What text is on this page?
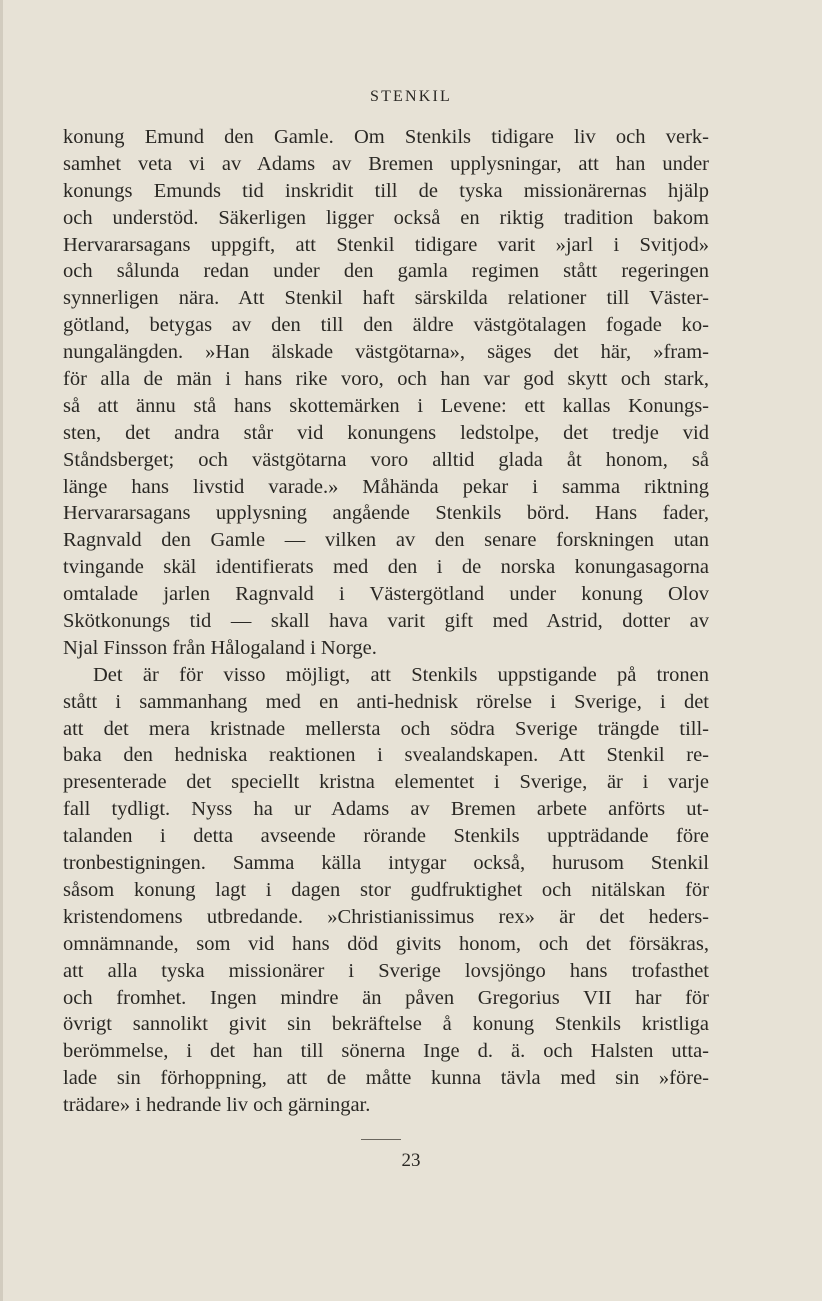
STENKIL
konung Emund den Gamle. Om Stenkils tidigare liv och verk-
samhet veta vi av Adams av Bremen upplysningar, att han under
konungs Emunds tid inskridit till de tyska missionärernas hjälp
och understöd. Säkerligen ligger också en riktig tradition bakom
Hervararsagans uppgift, att Stenkil tidigare varit »jarl i Svitjod»
och sålunda redan under den gamla regimen stått regeringen
synnerligen nära. Att Stenkil haft särskilda relationer till Väster-
götland, betygas av den till den äldre västgötalagen fogade ko-
nungalängden. »Han älskade västgötarna», säges det här, »fram-
för alla de män i hans rike voro, och han var god skytt och stark,
så att ännu stå hans skottemärken i Levene: ett kallas Konungs-
sten, det andra står vid konungens ledstolpe, det tredje vid
Ståndsberget; och västgötarna voro alltid glada åt honom, så
länge hans livstid varade.» Måhända pekar i samma riktning
Hervararsagans upplysning angående Stenkils börd. Hans fader,
Ragnvald den Gamle — vilken av den senare forskningen utan
tvingande skäl identifierats med den i de norska konungasagorna
omtalade jarlen Ragnvald i Västergötland under konung Olov
Skötkonungs tid — skall hava varit gift med Astrid, dotter av
Njal Finsson från Hålogaland i Norge.
Det är för visso möjligt, att Stenkils uppstigande på tronen
stått i sammanhang med en anti-hednisk rörelse i Sverige, i det
att det mera kristnade mellersta och södra Sverige trängde till-
baka den hedniska reaktionen i svealandskapen. Att Stenkil re-
presenterade det speciellt kristna elementet i Sverige, är i varje
fall tydligt. Nyss ha ur Adams av Bremen arbete anförts ut-
talanden i detta avseende rörande Stenkils uppträdande före
tronbestigningen. Samma källa intygar också, hurusom Stenkil
såsom konung lagt i dagen stor gudfruktighet och nitälskan för
kristendomens utbredande. »Christianissimus rex» är det heders-
omnämnande, som vid hans död givits honom, och det försäkras,
att alla tyska missionärer i Sverige lovsjöngo hans trofasthet
och fromhet. Ingen mindre än påven Gregorius VII har för
övrigt sannolikt givit sin bekräftelse å konung Stenkils kristliga
berömmelse, i det han till sönerna Inge d. ä. och Halsten utta-
lade sin förhoppning, att de måtte kunna tävla med sin »före-
trädare» i hedrande liv och gärningar.
23
